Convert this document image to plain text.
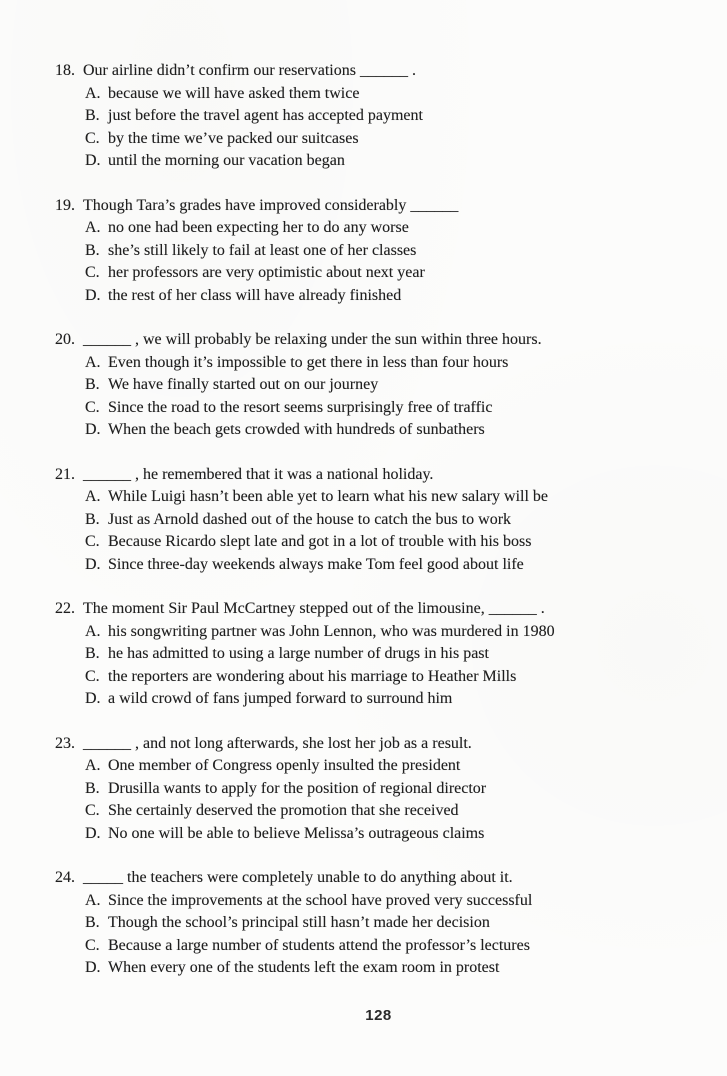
18. Our airline didn’t confirm our reservations ______ .
A. because we will have asked them twice
B. just before the travel agent has accepted payment
C. by the time we’ve packed our suitcases
D. until the morning our vacation began
19. Though Tara’s grades have improved considerably ______
A. no one had been expecting her to do any worse
B. she’s still likely to fail at least one of her classes
C. her professors are very optimistic about next year
D. the rest of her class will have already finished
20. ______ , we will probably be relaxing under the sun within three hours.
A. Even though it’s impossible to get there in less than four hours
B. We have finally started out on our journey
C. Since the road to the resort seems surprisingly free of traffic
D. When the beach gets crowded with hundreds of sunbathers
21. ______ , he remembered that it was a national holiday.
A. While Luigi hasn’t been able yet to learn what his new salary will be
B. Just as Arnold dashed out of the house to catch the bus to work
C. Because Ricardo slept late and got in a lot of trouble with his boss
D. Since three-day weekends always make Tom feel good about life
22. The moment Sir Paul McCartney stepped out of the limousine, ______ .
A. his songwriting partner was John Lennon, who was murdered in 1980
B. he has admitted to using a large number of drugs in his past
C. the reporters are wondering about his marriage to Heather Mills
D. a wild crowd of fans jumped forward to surround him
23. ______ , and not long afterwards, she lost her job as a result.
A. One member of Congress openly insulted the president
B. Drusilla wants to apply for the position of regional director
C. She certainly deserved the promotion that she received
D. No one will be able to believe Melissa’s outrageous claims
24. _____ the teachers were completely unable to do anything about it.
A. Since the improvements at the school have proved very successful
B. Though the school’s principal still hasn’t made her decision
C. Because a large number of students attend the professor’s lectures
D. When every one of the students left the exam room in protest
128
